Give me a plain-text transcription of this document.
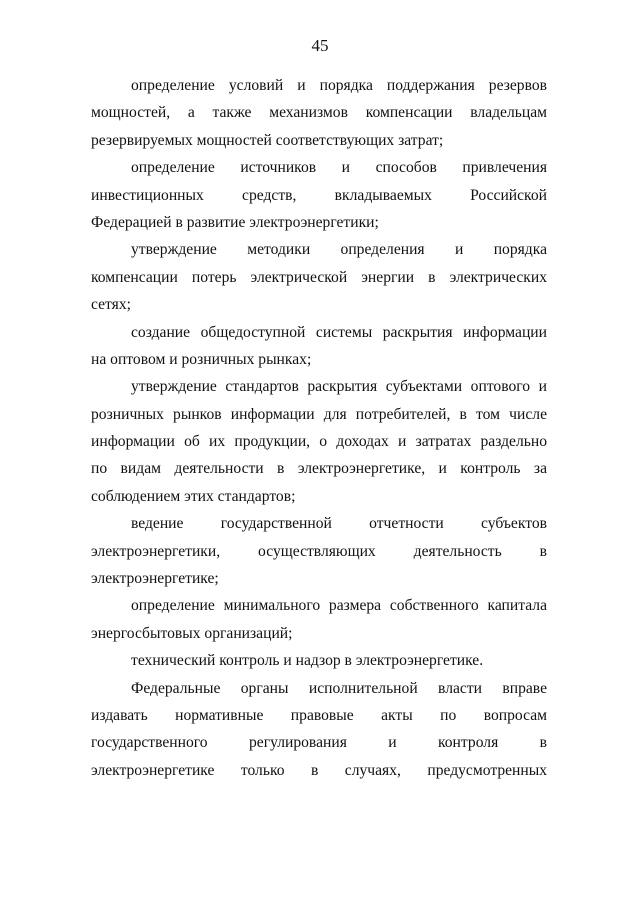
45
определение условий и порядка поддержания резервов
мощностей, а также механизмов компенсации владельцам
резервируемых мощностей соответствующих затрат;
определение источников и способов привлечения
инвестиционных средств, вкладываемых Российской
Федерацией в развитие электроэнергетики;
утверждение методики определения и порядка
компенсации потерь электрической энергии в электрических
сетях;
создание общедоступной системы раскрытия информации
на оптовом и розничных рынках;
утверждение стандартов раскрытия субъектами оптового и
розничных рынков информации для потребителей, в том числе
информации об их продукции, о доходах и затратах раздельно
по видам деятельности в электроэнергетике, и контроль за
соблюдением этих стандартов;
ведение государственной отчетности субъектов
электроэнергетики, осуществляющих деятельность в
электроэнергетике;
определение минимального размера собственного капитала
энергосбытовых организаций;
технический контроль и надзор в электроэнергетике.
Федеральные органы исполнительной власти вправе
издавать нормативные правовые акты по вопросам
государственного регулирования и контроля в
электроэнергетике только в случаях, предусмотренных
